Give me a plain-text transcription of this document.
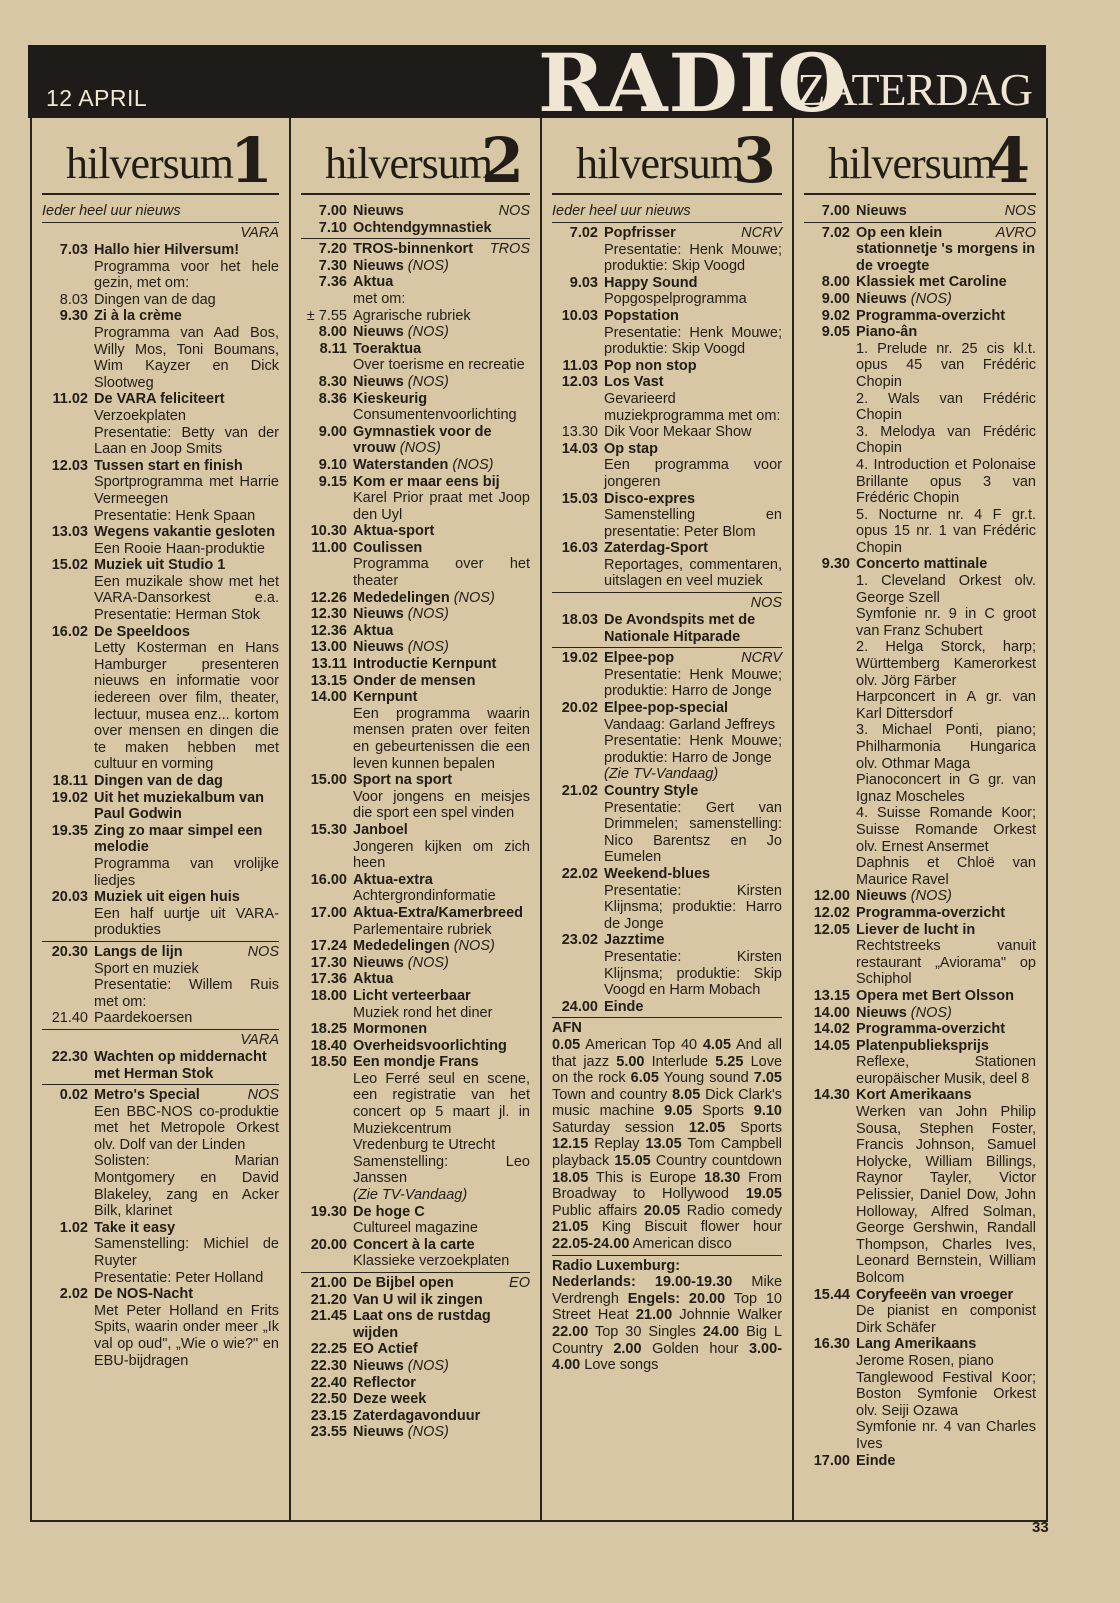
12 APRIL	RADIO
ZATERDAG
hilversum
1
Ieder heel uur nieuws
VARA
7.03 Hallo hier Hilversum!
Programma voor het hele gezin, met om:
8.03 Dingen van de dag
9.30 Zi à la crème
Programma van Aad Bos, Willy Mos, Toni Boumans, Wim Kayzer en Dick Slootweg
11.02 De VARA feliciteert
Verzoekplaten
Presentatie: Betty van der Laan en Joop Smits
12.03 Tussen start en finish
Sportprogramma met Harrie Vermeegen
Presentatie: Henk Spaan
13.03 Wegens vakantie gesloten
Een Rooie Haan-produktie
15.02 Muziek uit Studio 1
Een muzikale show met het VARA-Dansorkest e.a. Presentatie: Herman Stok
16.02 De Speeldoos
Letty Kosterman en Hans Hamburger presenteren nieuws en informatie voor iedereen over film, theater, lectuur, musea enz... kortom over mensen en dingen die te maken hebben met cultuur en vorming
18.11 Dingen van de dag
19.02 Uit het muziekalbum van Paul Godwin
19.35 Zing zo maar simpel een melodie
Programma van vrolijke liedjes
20.03 Muziek uit eigen huis
Een half uurtje uit VARA-produkties
20.30	NOS
Langs de lijn
Sport en muziek
Presentatie: Willem Ruis met om:
21.40 Paardekoersen
VARA
22.30 Wachten op middernacht met Herman Stok
0.02	NOS
Metro's Special
Een BBC-NOS co-produktie met het Metropole Orkest olv. Dolf van der Linden
Solisten: Marian Montgomery en David Blakeley, zang en Acker Bilk, klarinet
1.02 Take it easy
Samenstelling: Michiel de Ruyter
Presentatie: Peter Holland
2.02 De NOS-Nacht
Met Peter Holland en Frits Spits, waarin onder meer „Ik val op oud", „Wie o wie?" en EBU-bijdragen
hilversum
2
7.00	NOS
Nieuws
7.10 Ochtendgymnastiek
7.20	TROS
TROS-binnenkort
7.30 Nieuws (NOS)
7.36 Aktua
met om:
± 7.55 Agrarische rubriek
8.00 Nieuws (NOS)
8.11 Toeraktua
Over toerisme en recreatie
8.30 Nieuws (NOS)
8.36 Kieskeurig
Consumentenvoorlichting
9.00 Gymnastiek voor de vrouw (NOS)
9.10 Waterstanden (NOS)
9.15 Kom er maar eens bij
Karel Prior praat met Joop den Uyl
10.30 Aktua-sport
11.00 Coulissen
Programma over het theater
12.26 Mededelingen (NOS)
12.30 Nieuws (NOS)
12.36 Aktua
13.00 Nieuws (NOS)
13.11 Introductie Kernpunt
13.15 Onder de mensen
14.00 Kernpunt
Een programma waarin mensen praten over feiten en gebeurtenissen die een leven kunnen bepalen
15.00 Sport na sport
Voor jongens en meisjes die sport een spel vinden
15.30 Janboel
Jongeren kijken om zich heen
16.00 Aktua-extra
Achtergrondinformatie
17.00 Aktua-Extra/Kamerbreed
Parlementaire rubriek
17.24 Mededelingen (NOS)
17.30 Nieuws (NOS)
17.36 Aktua
18.00 Licht verteerbaar
Muziek rond het diner
18.25 Mormonen
18.40 Overheidsvoorlichting
18.50 Een mondje Frans
Leo Ferré seul en scene, een registratie van het concert op 5 maart jl. in Muziekcentrum Vredenburg te Utrecht
Samenstelling: Leo Janssen
(Zie TV-Vandaag)
19.30 De hoge C
Cultureel magazine
20.00 Concert à la carte
Klassieke verzoekplaten
21.00	EO
De Bijbel open
21.20 Van U wil ik zingen
21.45 Laat ons de rustdag wijden
22.25 EO Actief
22.30 Nieuws (NOS)
22.40 Reflector
22.50 Deze week
23.15 Zaterdagavonduur
23.55 Nieuws (NOS)
hilversum
3
Ieder heel uur nieuws
7.02	NCRV
Popfrisser
Presentatie: Henk Mouwe; produktie: Skip Voogd
9.03 Happy Sound
Popgospelprogramma
10.03 Popstation
Presentatie: Henk Mouwe; produktie: Skip Voogd
11.03 Pop non stop
12.03 Los Vast
Gevarieerd muziekprogramma met om:
13.30 Dik Voor Mekaar Show
14.03 Op stap
Een programma voor jongeren
15.03 Disco-expres
Samenstelling en presentatie: Peter Blom
16.03 Zaterdag-Sport
Reportages, commentaren, uitslagen en veel muziek
NOS
18.03 De Avondspits met de Nationale Hitparade
19.02	NCRV
Elpee-pop
Presentatie: Henk Mouwe; produktie: Harro de Jonge
20.02 Elpee-pop-special
Vandaag: Garland Jeffreys
Presentatie: Henk Mouwe; produktie: Harro de Jonge
(Zie TV-Vandaag)
21.02 Country Style
Presentatie: Gert van Drimmelen; samenstelling: Nico Barentsz en Jo Eumelen
22.02 Weekend-blues
Presentatie: Kirsten Klijnsma; produktie: Harro de Jonge
23.02 Jazztime
Presentatie: Kirsten Klijnsma; produktie: Skip Voogd en Harm Mobach
24.00 Einde
AFN
0.05 American Top 40 4.05 And all that jazz 5.00 Interlude 5.25 Love on the rock 6.05 Young sound 7.05 Town and country 8.05 Dick Clark's music machine 9.05 Sports 9.10 Saturday session 12.05 Sports 12.15 Replay 13.05 Tom Campbell playback 15.05 Country countdown 18.05 This is Europe 18.30 From Broadway to Hollywood 19.05 Public affairs 20.05 Radio comedy 21.05 King Biscuit flower hour 22.05-24.00 American disco
Radio Luxemburg:
Nederlands: 19.00-19.30 Mike Verdrengh Engels: 20.00 Top 10 Street Heat 21.00 Johnnie Walker 22.00 Top 30 Singles 24.00 Big L Country 2.00 Golden hour 3.00-4.00 Love songs
hilversum
4
7.00	NOS
Nieuws
7.02	AVRO
Op een klein stationnetje 's morgens in de vroegte
8.00 Klassiek met Caroline
9.00 Nieuws (NOS)
9.02 Programma-overzicht
9.05 Piano-ân
1. Prelude nr. 25 cis kl.t. opus 45 van Frédéric Chopin
2. Wals van Frédéric Chopin
3. Melodya van Frédéric Chopin
4. Introduction et Polonaise Brillante opus 3 van Frédéric Chopin
5. Nocturne nr. 4 F gr.t. opus 15 nr. 1 van Frédéric Chopin
9.30 Concerto mattinale
1. Cleveland Orkest olv. George Szell
Symfonie nr. 9 in C groot van Franz Schubert
2. Helga Storck, harp; Württemberg Kamerorkest olv. Jörg Färber
Harpconcert in A gr. van Karl Dittersdorf
3. Michael Ponti, piano; Philharmonia Hungarica olv. Othmar Maga
Pianoconcert in G gr. van Ignaz Moscheles
4. Suisse Romande Koor; Suisse Romande Orkest olv. Ernest Ansermet
Daphnis et Chloë van Maurice Ravel
12.00 Nieuws (NOS)
12.02 Programma-overzicht
12.05 Liever de lucht in
Rechtstreeks vanuit restaurant „Aviorama" op Schiphol
13.15 Opera met Bert Olsson
14.00 Nieuws (NOS)
14.02 Programma-overzicht
14.05 Platenpublieksprijs
Reflexe, Stationen europäischer Musik, deel 8
14.30 Kort Amerikaans
Werken van John Philip Sousa, Stephen Foster, Francis Johnson, Samuel Holycke, William Billings, Raynor Tayler, Victor Pelissier, Daniel Dow, John Holloway, Alfred Solman, George Gershwin, Randall Thompson, Charles Ives, Leonard Bernstein, William Bolcom
15.44 Coryfeeën van vroeger
De pianist en componist Dirk Schäfer
16.30 Lang Amerikaans
Jerome Rosen, piano
Tanglewood Festival Koor; Boston Symfonie Orkest olv. Seiji Ozawa
Symfonie nr. 4 van Charles Ives
17.00 Einde
33
